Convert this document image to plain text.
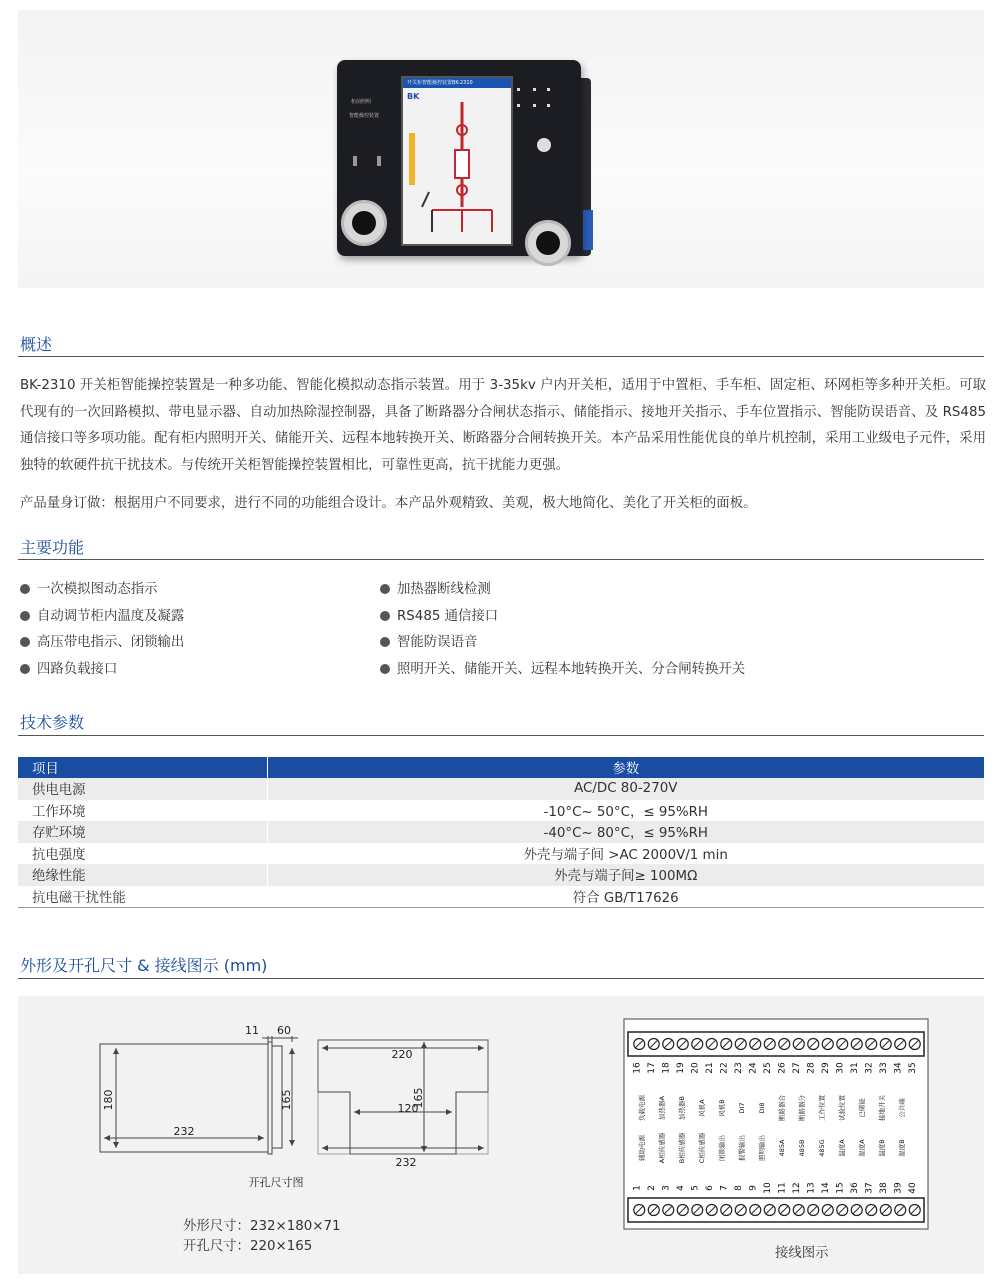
柜前照明
智能操控装置
开关柜智能操控装置BK-2310
BK
概述
BK-2310 开关柜智能操控装置是一种多功能、智能化模拟动态指示装置。用于 3-35kv 户内开关柜，适用于中置柜、手车柜、固定柜、环网柜等多种开关柜。可取代现有的一次回路模拟、带电显示器、自动加热除湿控制器，具备了断路器分合闸状态指示、储能指示、接地开关指示、手车位置指示、智能防误语音、及 RS485 通信接口等多项功能。配有柜内照明开关、储能开关、远程本地转换开关、断路器分合闸转换开关。本产品采用性能优良的单片机控制，采用工业级电子元件，采用独特的软硬件抗干扰技术。与传统开关柜智能操控装置相比，可靠性更高，抗干扰能力更强。
产品量身订做：根据用户不同要求，进行不同的功能组合设计。本产品外观精致、美观，极大地简化、美化了开关柜的面板。
主要功能
一次模拟图动态指示
自动调节柜内温度及凝露
高压带电指示、闭锁输出
四路负载接口
加热器断线检测
RS485 通信接口
智能防误语音
照明开关、储能开关、远程本地转换开关、分合闸转换开关
技术参数
项目	参数
供电电源	AC/DC 80-270V
工作环境	-10°C~ 50°C，≤ 95%RH
存贮环境	-40°C~ 80°C，≤ 95%RH
抗电强度	外壳与端子间 >AC 2000V/1 min
绝缘性能	外壳与端子间≥ 100MΩ
抗电磁干扰性能	符合 GB/T17626
外形及开孔尺寸 & 接线图示 (mm)
180
232
11 60
165
220
165
120
232
开孔尺寸图
外形尺寸：232×180×71
开孔尺寸：220×165
16 17 18 19 20 21 22 23 24 25 26 27 28 29 30 31 32 33 34 35
1 2 3 4 5 6 7 8 9 10 11 12 13 14 15 36 37 38 39 40
负载电源 加热器A 加热器B 风机A 风机B DI7 DI8 断路器合 断路器分 工作位置 试验位置 已储能 接地开关 公共端
辅助电源 A相传感器 B相传感器 C相传感器 闭锁输出 报警输出 照明输出 485A 485B 485G 温度A 湿度A 温度B 湿度B
接线图示
